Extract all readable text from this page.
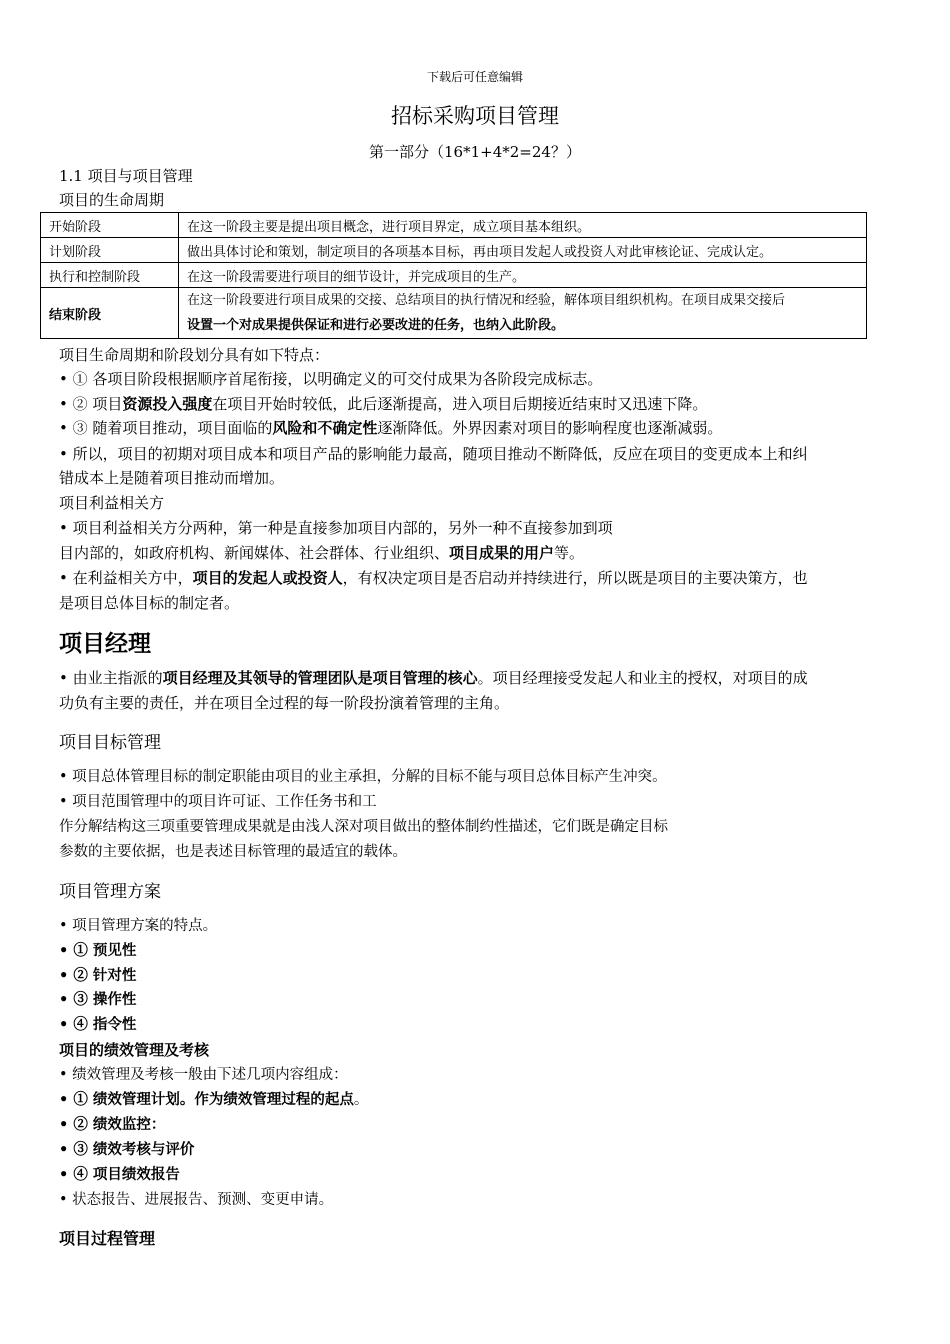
下载后可任意编辑
招标采购项目管理
第一部分（16*1+4*2=24？）
1.1 项目与项目管理
项目的生命周期
开始阶段	在这一阶段主要是提出项目概念，进行项目界定，成立项目基本组织。
计划阶段	做出具体讨论和策划，制定项目的各项基本目标，再由项目发起人或投资人对此审核论证、完成认定。
执行和控制阶段	在这一阶段需要进行项目的细节设计，并完成项目的生产。
结束阶段	在这一阶段要进行项目成果的交接、总结项目的执行情况和经验，解体项目组织机构。在项目成果交接后
设置一个对成果提供保证和进行必要改进的任务，也纳入此阶段。
项目生命周期和阶段划分具有如下特点：
• ① 各项目阶段根据顺序首尾衔接，以明确定义的可交付成果为各阶段完成标志。
• ② 项目资源投入强度在项目开始时较低，此后逐渐提高，进入项目后期接近结束时又迅速下降。
• ③ 随着项目推动，项目面临的风险和不确定性逐渐降低。外界因素对项目的影响程度也逐渐减弱。
• 所以，项目的初期对项目成本和项目产品的影响能力最高，随项目推动不断降低，反应在项目的变更成本上和纠
错成本上是随着项目推动而增加。
项目利益相关方
• 项目利益相关方分两种，第一种是直接参加项目内部的，另外一种不直接参加到项
目内部的，如政府机构、新闻媒体、社会群体、行业组织、项目成果的用户等。
• 在利益相关方中，项目的发起人或投资人，有权决定项目是否启动并持续进行，所以既是项目的主要决策方，也
是项目总体目标的制定者。
项目经理
• 由业主指派的项目经理及其领导的管理团队是项目管理的核心。项目经理接受发起人和业主的授权，对项目的成
功负有主要的责任，并在项目全过程的每一阶段扮演着管理的主角。
项目目标管理
• 项目总体管理目标的制定职能由项目的业主承担，分解的目标不能与项目总体目标产生冲突。
• 项目范围管理中的项目许可证、工作任务书和工
作分解结构这三项重要管理成果就是由浅人深对项目做出的整体制约性描述，它们既是确定目标
参数的主要依据，也是表述目标管理的最适宜的载体。
项目管理方案
• 项目管理方案的特点。
• ① 预见性
• ② 针对性
• ③ 操作性
• ④ 指令性
项目的绩效管理及考核
• 绩效管理及考核一般由下述几项内容组成：
• ① 绩效管理计划。作为绩效管理过程的起点。
• ② 绩效监控：
• ③ 绩效考核与评价
• ④ 项目绩效报告
• 状态报告、进展报告、预测、变更申请。
项目过程管理
